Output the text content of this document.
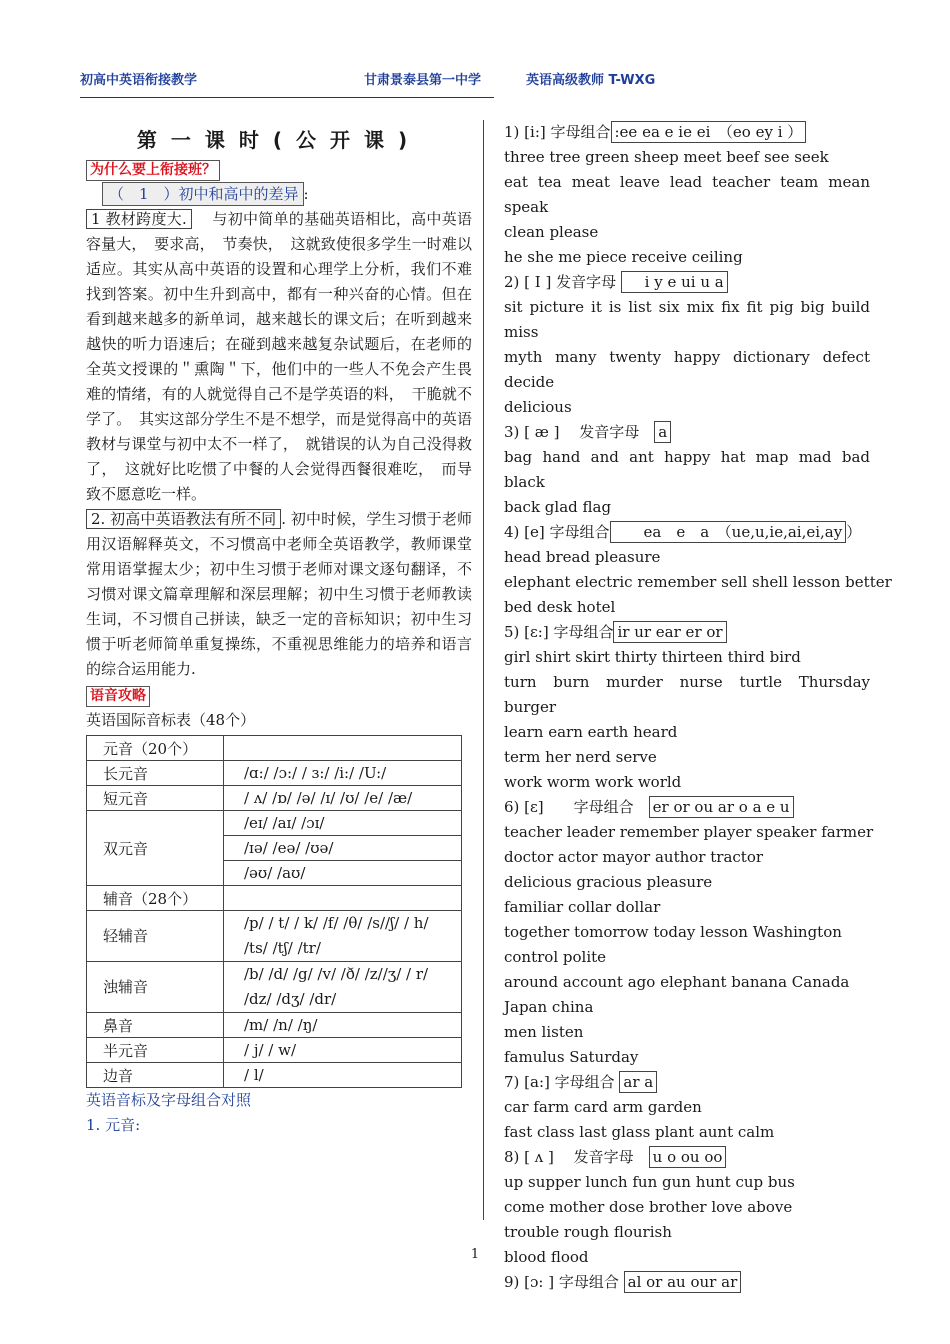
初高中英语衔接教学	甘肃景泰县第一中学	英语高级教师 T-WXG
第一课时(公开课)
为什么要上衔接班？
（　1　）初中和高中的差异 :
1 教材跨度大.　 与初中简单的基础英语相比，高中英语容量大，　要求高，　节奏快，　这就致使很多学生一时难以适应。其实从高中英语的设置和心理学上分析，我们不难找到答案。初中生升到高中，都有一种兴奋的心情。但在看到越来越多的新单词，越来越长的课文后；在听到越来越快的听力语速后；在碰到越来越复杂试题后，在老师的全英文授课的＂熏陶＂下，他们中的一些人不免会产生畏难的情绪，有的人就觉得自己不是学英语的料，　干脆就不学了。　其实这部分学生不是不想学，而是觉得高中的英语教材与课堂与初中太不一样了，　就错误的认为自己没得救了，　这就好比吃惯了中餐的人会觉得西餐很难吃，　而导致不愿意吃一样。
2. 初高中英语教法有所不同 . 初中时候，学生习惯于老师用汉语解释英文，不习惯高中老师全英语教学，教师课堂常用语掌握太少；初中生习惯于老师对课文逐句翻译，不习惯对课文篇章理解和深层理解；初中生习惯于老师教读生词，不习惯自己拼读，缺乏一定的音标知识；初中生习惯于听老师简单重复操练，不重视思维能力的培养和语言的综合运用能力.
语音攻略
英语国际音标表（48个）
元音（20个）	
长元音	/ɑ:/ /ɔ:/ / ɜ:/ /i:/ /U:/
短元音	/ ʌ/ /ɒ/ /ə/ /ɪ/ /ʊ/ /e/ /æ/
双元音	/eɪ/ /aɪ/ /ɔɪ/
	/ɪə/ /eə/ /ʊə/
	/əʊ/ /aʊ/
辅音（28个）	
轻辅音	/p/ / t/ / k/ /f/ /θ/ /s//ʃ/ / h/ /ts/ /tʃ/ /tr/
浊辅音	/b/ /d/ /g/ /v/ /ð/ /z//ʒ/ / r/ /dz/ /dʒ/ /dr/
鼻音	/m/ /n/ /ŋ/
半元音	/ j/ / w/
边音	/ l/
英语音标及字母组合对照
1. 元音:
1) [i:] 字母组合 :ee ea e ie ei　（eo ey i ）
three tree green sheep meet beef see seek
eat tea meat leave lead teacher team mean speak
clean please
he she me piece receive ceiling
2) [ I ] 发音字母 　 i y e ui u a
sit picture it is list six mix fix fit pig big build
miss
myth many twenty happy dictionary defect decide
delicious
3) [ æ ]　 发音字母　a
bag hand and ant happy hat map mad bad black
back glad flag
4) [e] 字母组合　　ea　e　a　（ue,u,ie,ai,ei,ay ）
head bread pleasure
elephant electric remember sell shell lesson better
bed desk hotel
5) [ɛ:] 字母组合 ir ur ear er or
girl shirt skirt thirty thirteen third bird
turn burn murder nurse turtle Thursday
burger
learn earn earth heard
term her nerd serve
work worm work world
6) [ɛ]　　字母组合　er or ou ar o a e u
teacher leader remember player speaker farmer
doctor actor mayor author tractor
delicious gracious pleasure
familiar collar dollar
together tomorrow today lesson Washington
control polite
around account ago elephant banana Canada
Japan china
men listen
famulus Saturday
7) [a:] 字母组合 ar a
car farm card arm garden
fast class last glass plant aunt calm
8) [ ʌ ]　 发音字母　u o ou oo
up supper lunch fun gun hunt cup bus
come mother dose brother love above
trouble rough flourish
blood flood
9) [ɔ: ] 字母组合 al or au our ar
1
